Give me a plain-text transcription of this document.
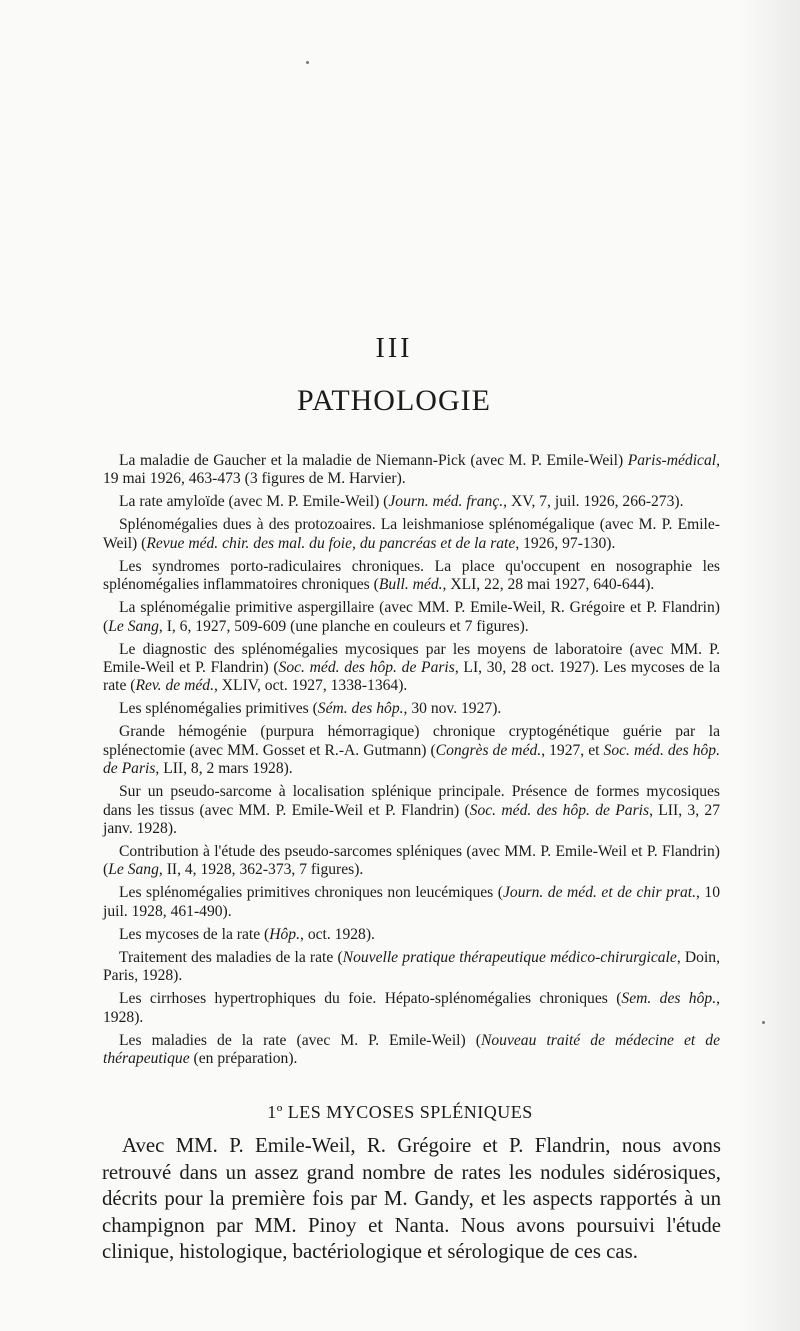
III
PATHOLOGIE
La maladie de Gaucher et la maladie de Niemann-Pick (avec M. P. Emile-Weil) Paris-médical, 19 mai 1926, 463-473 (3 figures de M. Harvier).
La rate amyloïde (avec M. P. Emile-Weil) (Journ. méd. franç., XV, 7, juil. 1926, 266-273).
Splénomégalies dues à des protozoaires. La leishmaniose splénomégalique (avec M. P. Emile-Weil) (Revue méd. chir. des mal. du foie, du pancréas et de la rate, 1926, 97-130).
Les syndromes porto-radiculaires chroniques. La place qu'occupent en nosographie les splénomégalies inflammatoires chroniques (Bull. méd., XLI, 22, 28 mai 1927, 640-644).
La splénomégalie primitive aspergillaire (avec MM. P. Emile-Weil, R. Grégoire et P. Flandrin) (Le Sang, I, 6, 1927, 509-609 (une planche en couleurs et 7 figures).
Le diagnostic des splénomégalies mycosiques par les moyens de laboratoire (avec MM. P. Emile-Weil et P. Flandrin) (Soc. méd. des hôp. de Paris, LI, 30, 28 oct. 1927). Les mycoses de la rate (Rev. de méd., XLIV, oct. 1927, 1338-1364).
Les splénomégalies primitives (Sém. des hôp., 30 nov. 1927).
Grande hémogénie (purpura hémorragique) chronique cryptogénétique guérie par la splénectomie (avec MM. Gosset et R.-A. Gutmann) (Congrès de méd., 1927, et Soc. méd. des hôp. de Paris, LII, 8, 2 mars 1928).
Sur un pseudo-sarcome à localisation splénique principale. Présence de formes mycosiques dans les tissus (avec MM. P. Emile-Weil et P. Flandrin) (Soc. méd. des hôp. de Paris, LII, 3, 27 janv. 1928).
Contribution à l'étude des pseudo-sarcomes spléniques (avec MM. P. Emile-Weil et P. Flandrin) (Le Sang, II, 4, 1928, 362-373, 7 figures).
Les splénomégalies primitives chroniques non leucémiques (Journ. de méd. et de chir prat., 10 juil. 1928, 461-490).
Les mycoses de la rate (Hôp., oct. 1928).
Traitement des maladies de la rate (Nouvelle pratique thérapeutique médico-chirurgicale, Doin, Paris, 1928).
Les cirrhoses hypertrophiques du foie. Hépato-splénomégalies chroniques (Sem. des hôp., 1928).
Les maladies de la rate (avec M. P. Emile-Weil) (Nouveau traité de médecine et de thérapeutique (en préparation).
1º LES MYCOSES SPLÉNIQUES

Avec MM. P. Emile-Weil, R. Grégoire et P. Flandrin, nous avons retrouvé dans un assez grand nombre de rates les nodules sidérosiques, décrits pour la première fois par M. Gandy, et les aspects rapportés à un champignon par MM. Pinoy et Nanta. Nous avons poursuivi l'étude clinique, histologique, bactériologique et sérologique de ces cas.
